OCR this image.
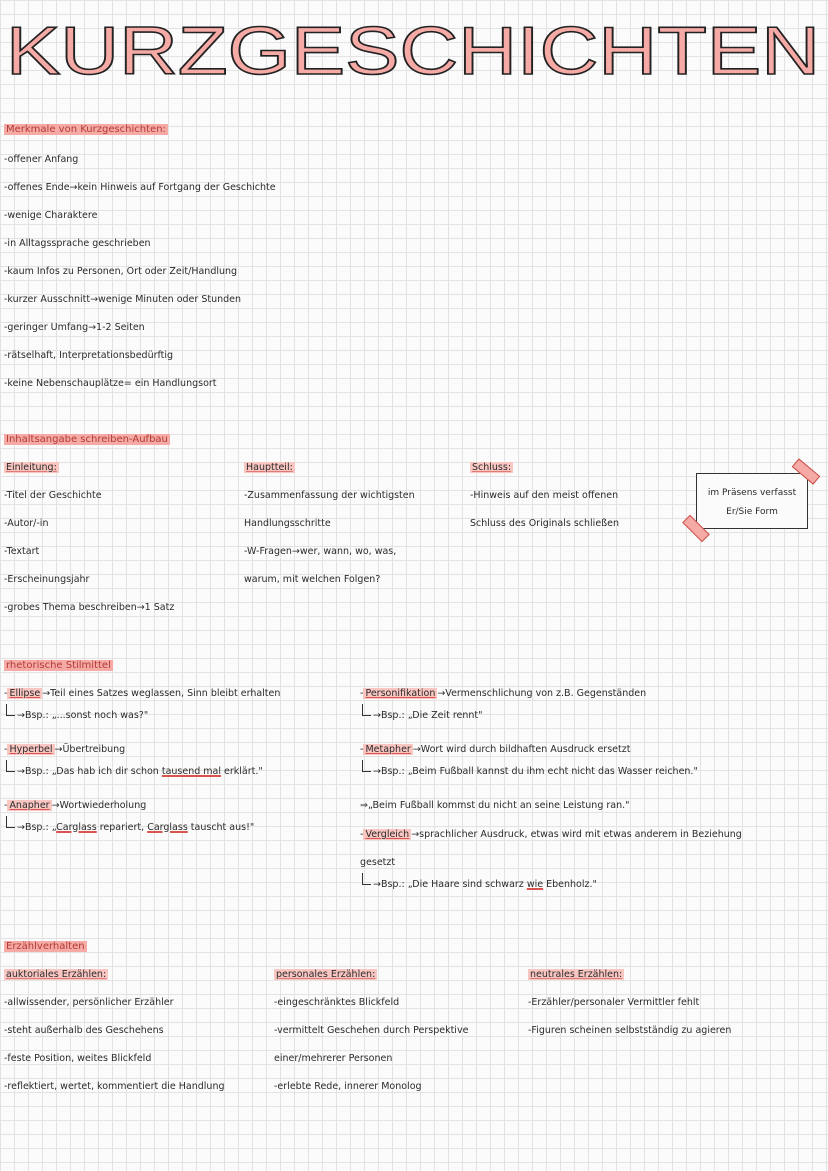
KURZGESCHICHTEN
Merkmale von Kurzgeschichten:
-offener Anfang
-offenes Ende→kein Hinweis auf Fortgang der Geschichte
-wenige Charaktere
-in Alltagssprache geschrieben
-kaum Infos zu Personen, Ort oder Zeit/Handlung
-kurzer Ausschnitt→wenige Minuten oder Stunden
-geringer Umfang→1-2 Seiten
-rätselhaft, Interpretationsbedürftig
-keine Nebenschauplätze= ein Handlungsort
Inhaltsangabe schreiben-Aufbau
Einleitung:
-Titel der Geschichte
-Autor/-in
-Textart
-Erscheinungsjahr
-grobes Thema beschreiben→1 Satz
Hauptteil:
-Zusammenfassung der wichtigsten
Handlungsschritte
-W-Fragen→wer, wann, wo, was,
warum, mit welchen Folgen?
Schluss:
-Hinweis auf den meist offenen
Schluss des Originals schließen
im Präsens verfasst
Er/Sie Form
rhetorische Stilmittel
- Ellipse →Teil eines Satzes weglassen, Sinn bleibt erhalten
→Bsp.: „...sonst noch was?"
- Hyperbel →Übertreibung
→Bsp.: „Das hab ich dir schon tausend mal erklärt."
- Anapher →Wortwiederholung
→Bsp.: „Carglass repariert, Carglass tauscht aus!"
- Personifikation →Vermenschlichung von z.B. Gegenständen
→Bsp.: „Die Zeit rennt"
- Metapher →Wort wird durch bildhaften Ausdruck ersetzt
→Bsp.: „Beim Fußball kannst du ihm echt nicht das Wasser reichen."
⇒„Beim Fußball kommst du nicht an seine Leistung ran."
- Vergleich →sprachlicher Ausdruck, etwas wird mit etwas anderem in Beziehung
gesetzt
→Bsp.: „Die Haare sind schwarz wie Ebenholz."
Erzählverhalten
auktoriales Erzählen:
-allwissender, persönlicher Erzähler
-steht außerhalb des Geschehens
-feste Position, weites Blickfeld
-reflektiert, wertet, kommentiert die Handlung
personales Erzählen:
-eingeschränktes Blickfeld
-vermittelt Geschehen durch Perspektive
einer/mehrerer Personen
-erlebte Rede, innerer Monolog
neutrales Erzählen:
-Erzähler/personaler Vermittler fehlt
-Figuren scheinen selbstständig zu agieren
